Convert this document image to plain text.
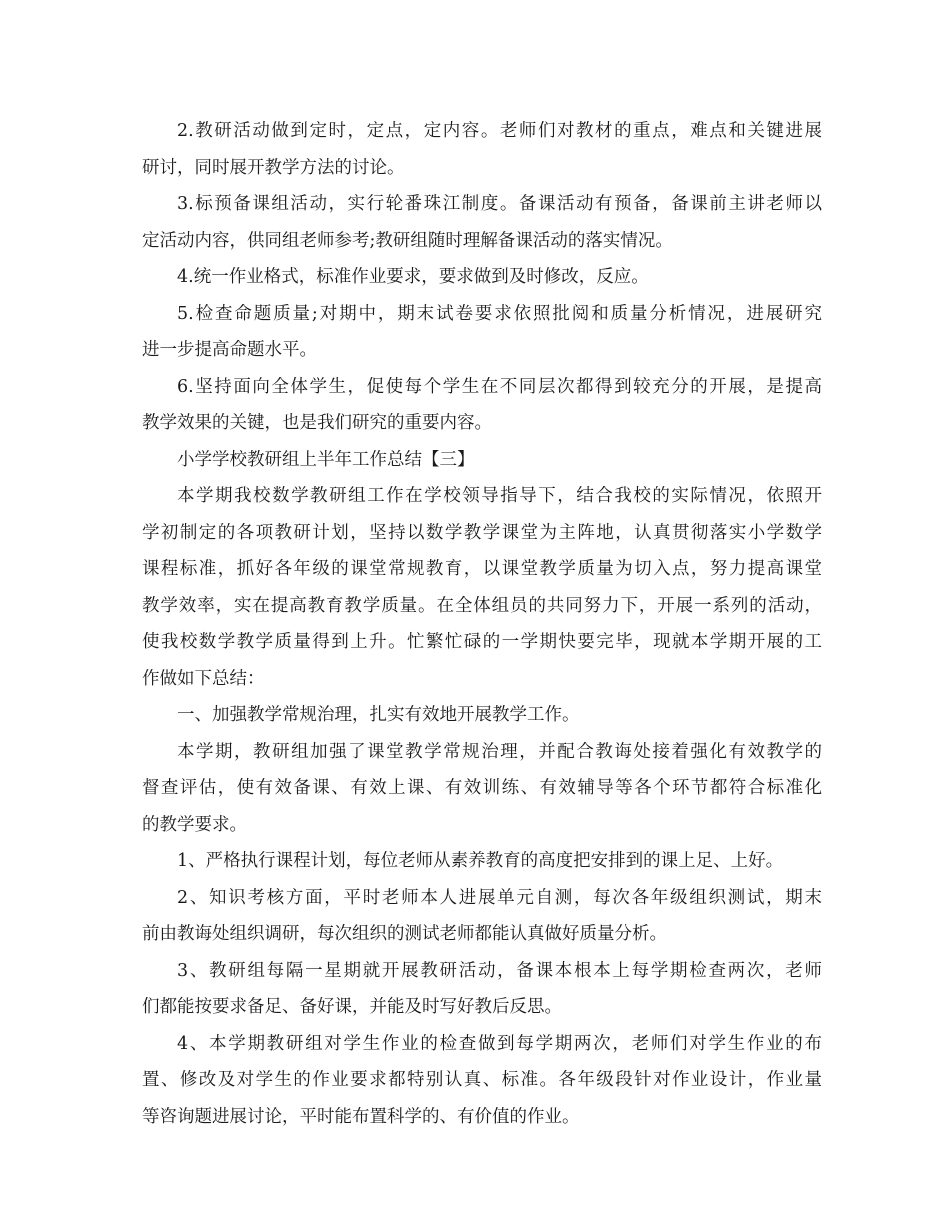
2.教研活动做到定时，定点，定内容。老师们对教材的重点，难点和关键进展
研讨，同时展开教学方法的讨论。
3.标预备课组活动，实行轮番珠江制度。备课活动有预备，备课前主讲老师以
定活动内容，供同组老师参考;教研组随时理解备课活动的落实情况。
4.统一作业格式，标准作业要求，要求做到及时修改，反应。
5.检查命题质量;对期中，期末试卷要求依照批阅和质量分析情况，进展研究
进一步提高命题水平。
6.坚持面向全体学生，促使每个学生在不同层次都得到较充分的开展，是提高
教学效果的关键，也是我们研究的重要内容。
小学学校教研组上半年工作总结【三】
本学期我校数学教研组工作在学校领导指导下，结合我校的实际情况，依照开
学初制定的各项教研计划，坚持以数学教学课堂为主阵地，认真贯彻落实小学数学
课程标准，抓好各年级的课堂常规教育，以课堂教学质量为切入点，努力提高课堂
教学效率，实在提高教育教学质量。在全体组员的共同努力下，开展一系列的活动，
使我校数学教学质量得到上升。忙繁忙碌的一学期快要完毕，现就本学期开展的工
作做如下总结：
一、加强教学常规治理，扎实有效地开展教学工作。
本学期，教研组加强了课堂教学常规治理，并配合教诲处接着强化有效教学的
督查评估，使有效备课、有效上课、有效训练、有效辅导等各个环节都符合标准化
的教学要求。
1、严格执行课程计划，每位老师从素养教育的高度把安排到的课上足、上好。
2、知识考核方面，平时老师本人进展单元自测，每次各年级组织测试，期末
前由教诲处组织调研，每次组织的测试老师都能认真做好质量分析。
3、教研组每隔一星期就开展教研活动，备课本根本上每学期检查两次，老师
们都能按要求备足、备好课，并能及时写好教后反思。
4、本学期教研组对学生作业的检查做到每学期两次，老师们对学生作业的布
置、修改及对学生的作业要求都特别认真、标准。各年级段针对作业设计，作业量
等咨询题进展讨论，平时能布置科学的、有价值的作业。
